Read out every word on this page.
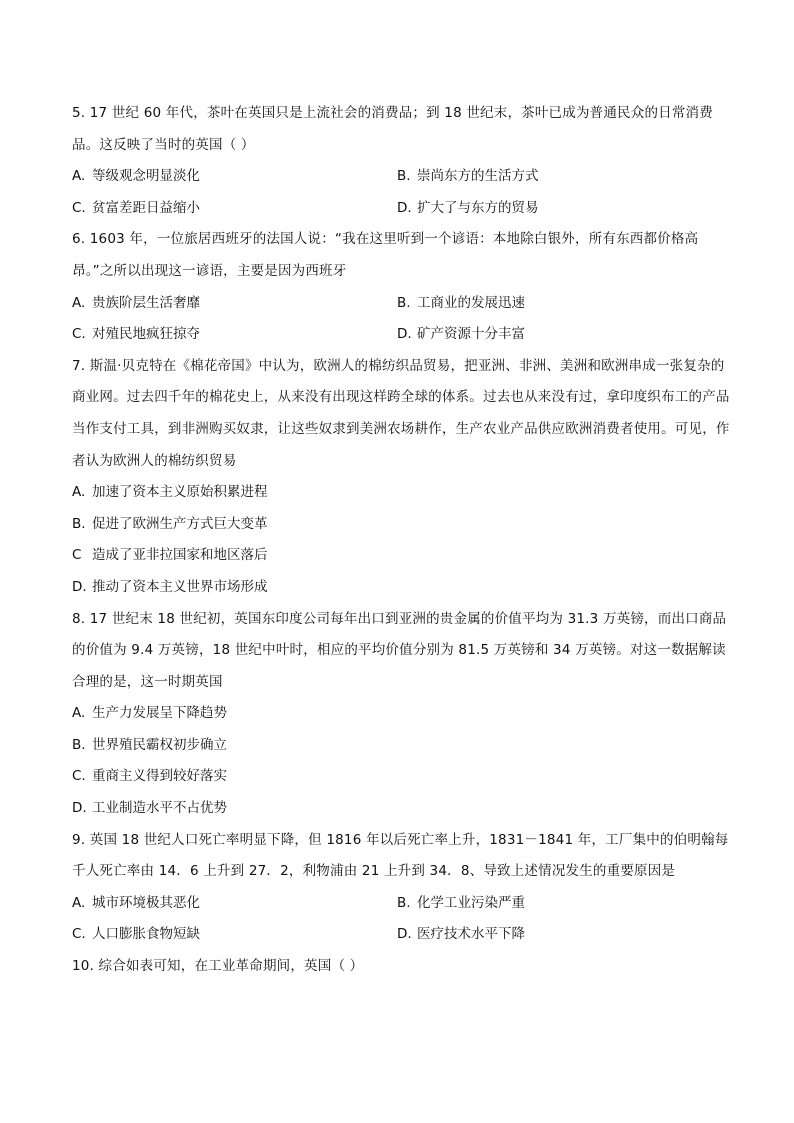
5. 17 世纪 60 年代，茶叶在英国只是上流社会的消费品；到 18 世纪末，茶叶已成为普通民众的日常消费品。这反映了当时的英国（ ）

A. 等级观念明显淡化	B. 崇尚东方的生活方式
C. 贫富差距日益缩小	D. 扩大了与东方的贸易

6. 1603 年，一位旅居西班牙的法国人说：“我在这里听到一个谚语：本地除白银外，所有东西都价格高昂。”之所以出现这一谚语，主要是因为西班牙

A. 贵族阶层生活奢靡	B. 工商业的发展迅速
C. 对殖民地疯狂掠夺	D. 矿产资源十分丰富

7. 斯温·贝克特在《棉花帝国》中认为，欧洲人的棉纺织品贸易，把亚洲、非洲、美洲和欧洲串成一张复杂的商业网。过去四千年的棉花史上，从来没有出现这样跨全球的体系。过去也从来没有过，拿印度织布工的产品当作支付工具，到非洲购买奴隶，让这些奴隶到美洲农场耕作，生产农业产品供应欧洲消费者使用。可见，作者认为欧洲人的棉纺织贸易

A. 加速了资本主义原始积累进程
B. 促进了欧洲生产方式巨大变革
C 造成了亚非拉国家和地区落后
D. 推动了资本主义世界市场形成

8. 17 世纪末 18 世纪初，英国东印度公司每年出口到亚洲的贵金属的价值平均为 31.3 万英镑，而出口商品的价值为 9.4 万英镑，18 世纪中叶时，相应的平均价值分别为 81.5 万英镑和 34 万英镑。对这一数据解读合理的是，这一时期英国

A. 生产力发展呈下降趋势
B. 世界殖民霸权初步确立
C. 重商主义得到较好落实
D. 工业制造水平不占优势

9. 英国 18 世纪人口死亡率明显下降，但 1816 年以后死亡率上升，1831－1841 年，工厂集中的伯明翰每千人死亡率由 14．6 上升到 27．2，利物浦由 21 上升到 34．8、导致上述情况发生的重要原因是

A. 城市环境极其恶化	B. 化学工业污染严重
C. 人口膨胀食物短缺	D. 医疗技术水平下降

10. 综合如表可知，在工业革命期间，英国（ ）
